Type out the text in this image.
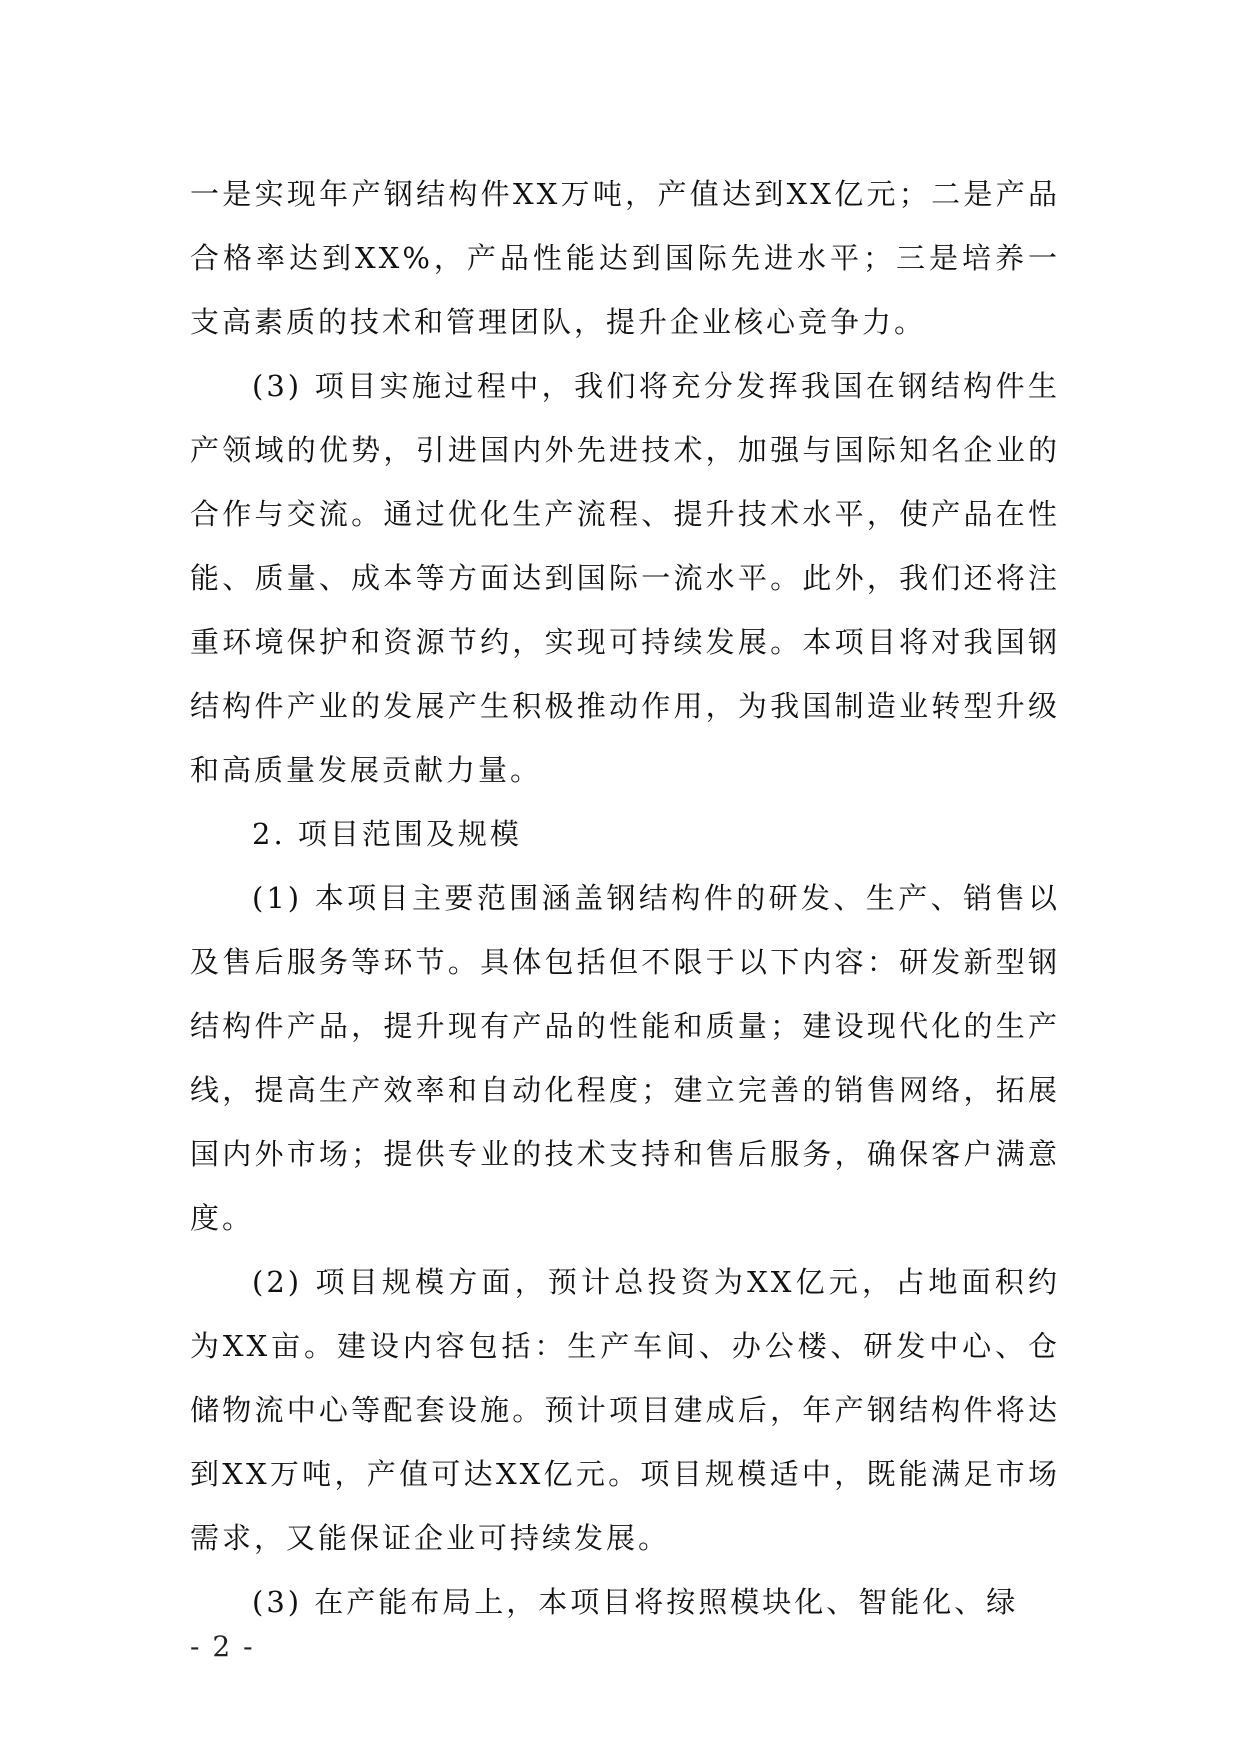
一是实现年产钢结构件XX万吨，产值达到XX亿元；二是产品合格率达到XX%，产品性能达到国际先进水平；三是培养一支高素质的技术和管理团队，提升企业核心竞争力。

(3) 项目实施过程中，我们将充分发挥我国在钢结构件生产领域的优势，引进国内外先进技术，加强与国际知名企业的合作与交流。通过优化生产流程、提升技术水平，使产品在性能、质量、成本等方面达到国际一流水平。此外，我们还将注重环境保护和资源节约，实现可持续发展。本项目将对我国钢结构件产业的发展产生积极推动作用，为我国制造业转型升级和高质量发展贡献力量。

2. 项目范围及规模

(1) 本项目主要范围涵盖钢结构件的研发、生产、销售以及售后服务等环节。具体包括但不限于以下内容：研发新型钢结构件产品，提升现有产品的性能和质量；建设现代化的生产线，提高生产效率和自动化程度；建立完善的销售网络，拓展国内外市场；提供专业的技术支持和售后服务，确保客户满意度。

(2) 项目规模方面，预计总投资为XX亿元，占地面积约为XX亩。建设内容包括：生产车间、办公楼、研发中心、仓储物流中心等配套设施。预计项目建成后，年产钢结构件将达到XX万吨，产值可达XX亿元。项目规模适中，既能满足市场需求，又能保证企业可持续发展。

(3) 在产能布局上，本项目将按照模块化、智能化、绿

- 2 -
